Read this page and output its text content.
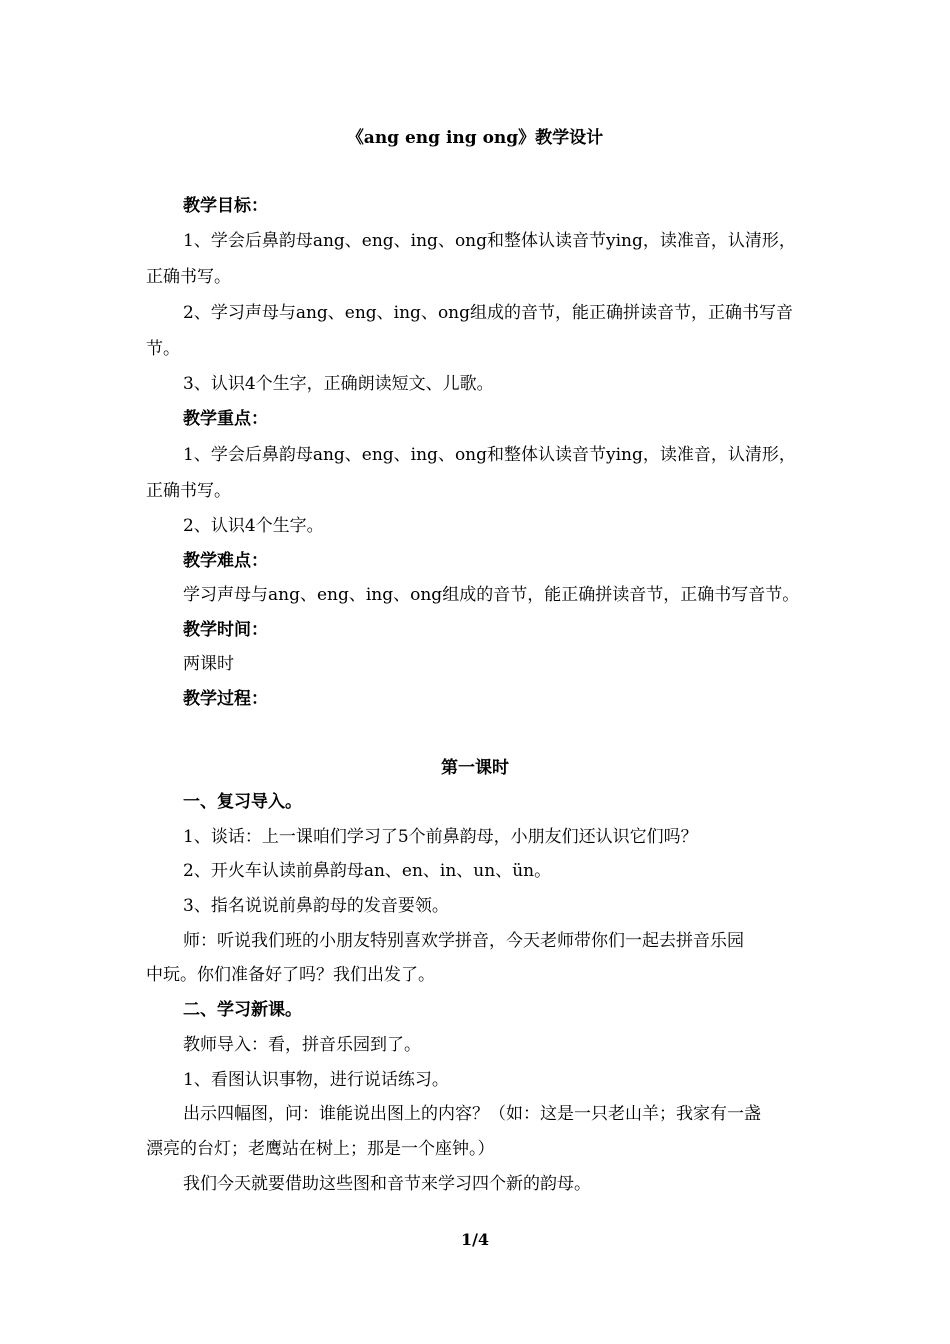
《ang eng ing ong》教学设计
教学目标：
1、学会后鼻韵母ang、eng、ing、ong和整体认读音节ying，读准音，认清形，
正确书写。
2、学习声母与ang、eng、ing、ong组成的音节，能正确拼读音节，正确书写音
节。
3、认识4个生字，正确朗读短文、儿歌。
教学重点：
1、学会后鼻韵母ang、eng、ing、ong和整体认读音节ying，读准音，认清形，
正确书写。
2、认识4个生字。
教学难点：
学习声母与ang、eng、ing、ong组成的音节，能正确拼读音节，正确书写音节。
教学时间：
两课时
教学过程：
第一课时
一、复习导入。
1、谈话：上一课咱们学习了5个前鼻韵母，小朋友们还认识它们吗？
2、开火车认读前鼻韵母an、en、in、un、ün。
3、指名说说前鼻韵母的发音要领。
师：听说我们班的小朋友特别喜欢学拼音，今天老师带你们一起去拼音乐园
中玩。你们准备好了吗？我们出发了。
二、学习新课。
教师导入：看，拼音乐园到了。
1、看图认识事物，进行说话练习。
出示四幅图，问：谁能说出图上的内容？（如：这是一只老山羊；我家有一盏
漂亮的台灯；老鹰站在树上；那是一个座钟。）
我们今天就要借助这些图和音节来学习四个新的韵母。
1/4
